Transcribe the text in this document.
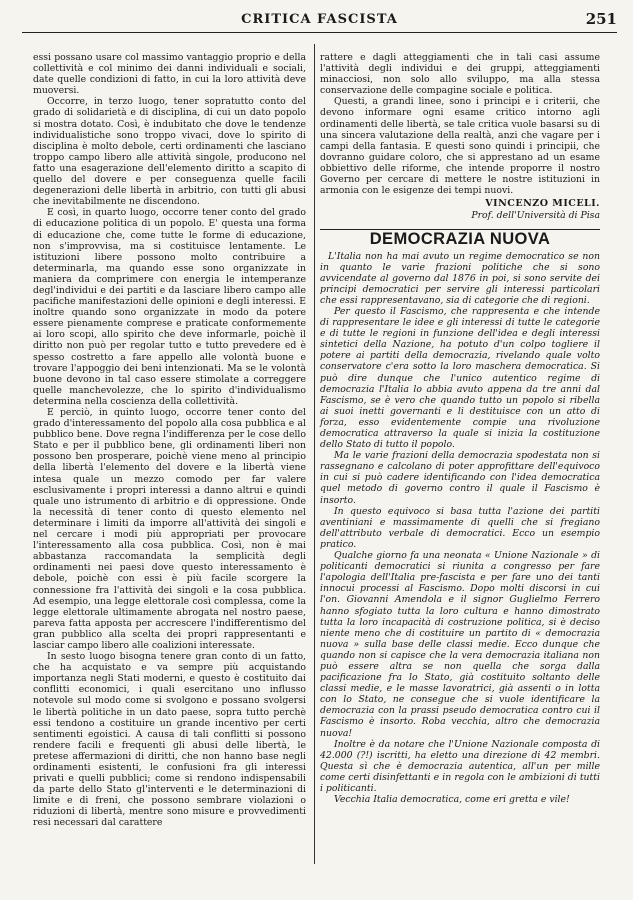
CRITICA FASCISTA	251

essi possano usare col massimo vantaggio proprio e della collettività e col minimo dei danni individuali e sociali, date quelle condizioni di fatto, in cui la loro attività deve muoversi.

Occorre, in terzo luogo, tener sopratutto conto del grado di solidarietà e di disciplina, di cui un dato popolo si mostra dotato. Così, è indubitato che dove le tendenze individualistiche sono troppo vivaci, dove lo spirito di disciplina è molto debole, certi ordinamenti che lasciano troppo campo libero alle attività singole, producono nel fatto una esagerazione dell'elemento diritto a scapito di quello del dovere e per conseguenza quelle facili degenerazioni delle libertà in arbitrio, con tutti gli abusi che inevitabilmente ne discendono.

E così, in quarto luogo, occorre tener conto del grado di educazione politica di un popolo. E' questa una forma di educazione che, come tutte le forme di educazione, non s'improvvisa, ma si costituisce lentamente. Le istituzioni libere possono molto contribuire a determinarla, ma quando esse sono organizzate in maniera da comprimere con energia le intemperanze degl'individui e dei partiti e da lasciare libero campo alle pacifiche manifestazioni delle opinioni e degli interessi. E inoltre quando sono organizzate in modo da potere essere pienamente comprese e praticate conformemente ai loro scopi, allo spirito che deve informarle, poichè il diritto non può per regolar tutto e tutto prevedere ed è spesso costretto a fare appello alle volontà buone e trovare l'appoggio dei beni intenzionati. Ma se le volontà buone devono in tal caso essere stimolate a correggere quelle manchevolezze, che lo spirito d'individualismo determina nella coscienza della collettività.

E perciò, in quinto luogo, occorre tener conto del grado d'interessamento del popolo alla cosa pubblica e al pubblico bene. Dove regna l'indifferenza per le cose dello Stato e per il pubblico bene, gli ordinamenti liberi non possono ben prosperare, poichè viene meno al principio della libertà l'elemento del dovere e la libertà viene intesa quale un mezzo comodo per far valere esclusivamente i propri interessi a danno altrui e quindi quale uno istrumento di arbitrio e di oppressione. Onde la necessità di tener conto di questo elemento nel determinare i limiti da imporre all'attività dei singoli e nel cercare i modi più appropriati per provocare l'interessamento alla cosa pubblica. Così, non è mai abbastanza raccomandata la semplicità degli ordinamenti nei paesi dove questo interessamento è debole, poichè con essi è più facile scorgere la connessione fra l'attività dei singoli e la cosa pubblica. Ad esempio, una legge elettorale così complessa, come la legge elettorale ultimamente abrogata nel nostro paese, pareva fatta apposta per accrescere l'indifferentismo del gran pubblico alla scelta dei propri rappresentanti e lasciar campo libero alle coalizioni interessate.

In sesto luogo bisogna tenere gran conto di un fatto, che ha acquistato e va sempre più acquistando importanza negli Stati moderni, e questo è costituito dai conflitti economici, i quali esercitano uno influsso notevole sul modo come si svolgono e possano svolgersi le libertà politiche in un dato paese, sopra tutto perchè essi tendono a costituire un grande incentivo per certi sentimenti egoistici. A causa di tali conflitti si possono rendere facili e frequenti gli abusi delle libertà, le pretese affermazioni di diritti, che non hanno base negli ordinamenti esistenti, le confusioni fra gli interessi privati e quelli pubblici; come si rendono indispensabili da parte dello Stato gl'interventi e le determinazioni di limite e di freni, che possono sembrare violazioni o riduzioni di libertà, mentre sono misure e provvedimenti resi necessari dal carattere

rattere e dagli atteggiamenti che in tali casi assume l'attività degli individui e dei gruppi, atteggiamenti minacciosi, non solo allo sviluppo, ma alla stessa conservazione delle compagine sociale e politica.

Questi, a grandi linee, sono i principi e i criterii, che devono informare ogni esame critico intorno agli ordinamenti delle libertà, se tale critica vuole basarsi su di una sincera valutazione della realtà, anzi che vagare per i campi della fantasia. E questi sono quindi i principii, che dovranno guidare coloro, che si apprestano ad un esame obbiettivo delle riforme, che intende proporre il nostro Governo per cercare di mettere le nostre istituzioni in armonia con le esigenze dei tempi nuovi.

VINCENZO MICELI.
Prof. dell'Università di Pisa
DEMOCRAZIA NUOVA

L'Italia non ha mai avuto un regime democratico se non in quanto le varie frazioni politiche che si sono avvicendate al governo dal 1876 in poi, si sono servite dei principi democratici per servire gli interessi particolari che essi rappresentavano, sia di categorie che di regioni.

Per questo il Fascismo, che rappresenta e che intende di rappresentare le idee e gli interessi di tutte le categorie e di tutte le regioni in funzione dell'idea e degli interessi sintetici della Nazione, ha potuto d'un colpo togliere il potere ai partiti della democrazia, rivelando quale volto conservatore c'era sotto la loro maschera democratica. Si può dire dunque che l'unico autentico regime di democrazia l'Italia lo abbia avuto appena da tre anni dal Fascismo, se è vero che quando tutto un popolo si ribella ai suoi inetti governanti e li destituisce con un atto di forza, esso evidentemente compie una rivoluzione democratica attraverso la quale si inizia la costituzione dello Stato di tutto il popolo.

Ma le varie frazioni della democrazia spodestata non si rassegnano e calcolano di poter approfittare dell'equivoco in cui si può cadere identificando con l'idea democratica quel metodo di governo contro il quale il Fascismo è insorto.

In questo equivoco si basa tutta l'azione dei partiti aventiniani e massimamente di quelli che si fregiano dell'attributo verbale di democratici. Ecco un esempio pratico.

Qualche giorno fa una neonata « Unione Nazionale » di politicanti democratici si riunita a congresso per fare l'apologia dell'Italia pre-fascista e per fare uno dei tanti innocui processi al Fascismo. Dopo molti discorsi in cui l'on. Giovanni Amendola e il signor Guglielmo Ferrero hanno sfogiato tutta la loro cultura e hanno dimostrato tutta la loro incapacità di costruzione politica, si è deciso niente meno che di costituire un partito di « democrazia nuova » sulla base delle classi medie. Ecco dunque che quando non si capisce che la vera democrazia italiana non può essere altra se non quella che sorga dalla pacificazione fra lo Stato, già costituito soltanto delle classi medie, e le masse lavoratrici, già assenti o in lotta con lo Stato, ne consegue che si vuole identificare la democrazia con la prassi pseudo democratica contro cui il Fascismo è insorto. Roba vecchia, altro che democrazia nuova!

Inoltre è da notare che l'Unione Nazionale composta di 42.000 (?!) iscritti, ha eletto una direzione di 42 membri. Questa sì che è democrazia autentica, all'un per mille come certi disinfettanti e in regola con le ambizioni di tutti i politicanti.

Vecchia Italia democratica, come eri gretta e vile!
